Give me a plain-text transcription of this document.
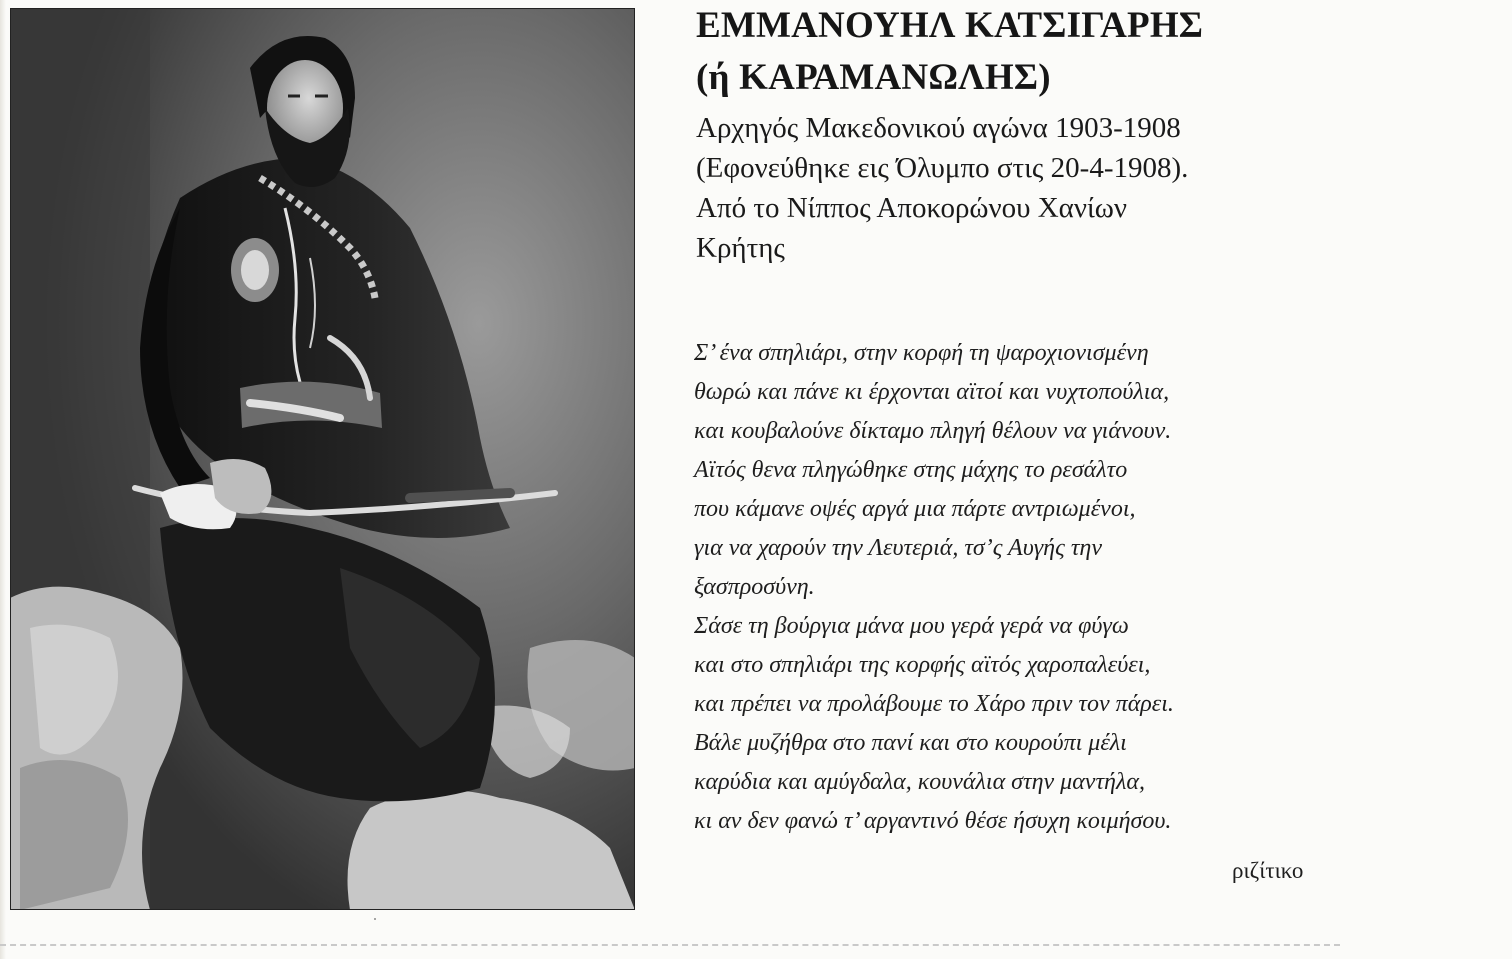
ΕΜΜΑΝΟΥΗΛ ΚΑΤΣΙΓΑΡΗΣ
(ή ΚΑΡΑΜΑΝΩΛΗΣ)
Αρχηγός Μακεδονικού αγώνα 1903-1908
(Εφονεύθηκε εις Όλυμπο στις 20-4-1908).
Από το Νίππος Αποκορώνου Χανίων
Κρήτης
Σ’ ένα σπηλιάρι, στην κορφή τη ψαροχιονισμένη
θωρώ και πάνε κι έρχονται αϊτοί και νυχτοπούλια,
και κουβαλούνε δίκταμο πληγή θέλουν να γιάνουν.
Αϊτός θενα πληγώθηκε στης μάχης το ρεσάλτο
που κάμανε οψές αργά μια πάρτε αντριωμένοι,
για να χαρούν την Λευτεριά, τσ’ς Αυγής την
ξασπροσύνη.
Σάσε τη βούργια μάνα μου γερά γερά να φύγω
και στο σπηλιάρι της κορφής αϊτός χαροπαλεύει,
και πρέπει να προλάβουμε το Χάρο πριν τον πάρει.
Βάλε μυζήθρα στο πανί και στο κουρούπι μέλι
καρύδια και αμύγδαλα, κουνάλια στην μαντήλα,
κι αν δεν φανώ τ’ αργαντινό θέσε ήσυχη κοιμήσου.
ριζίτικο
